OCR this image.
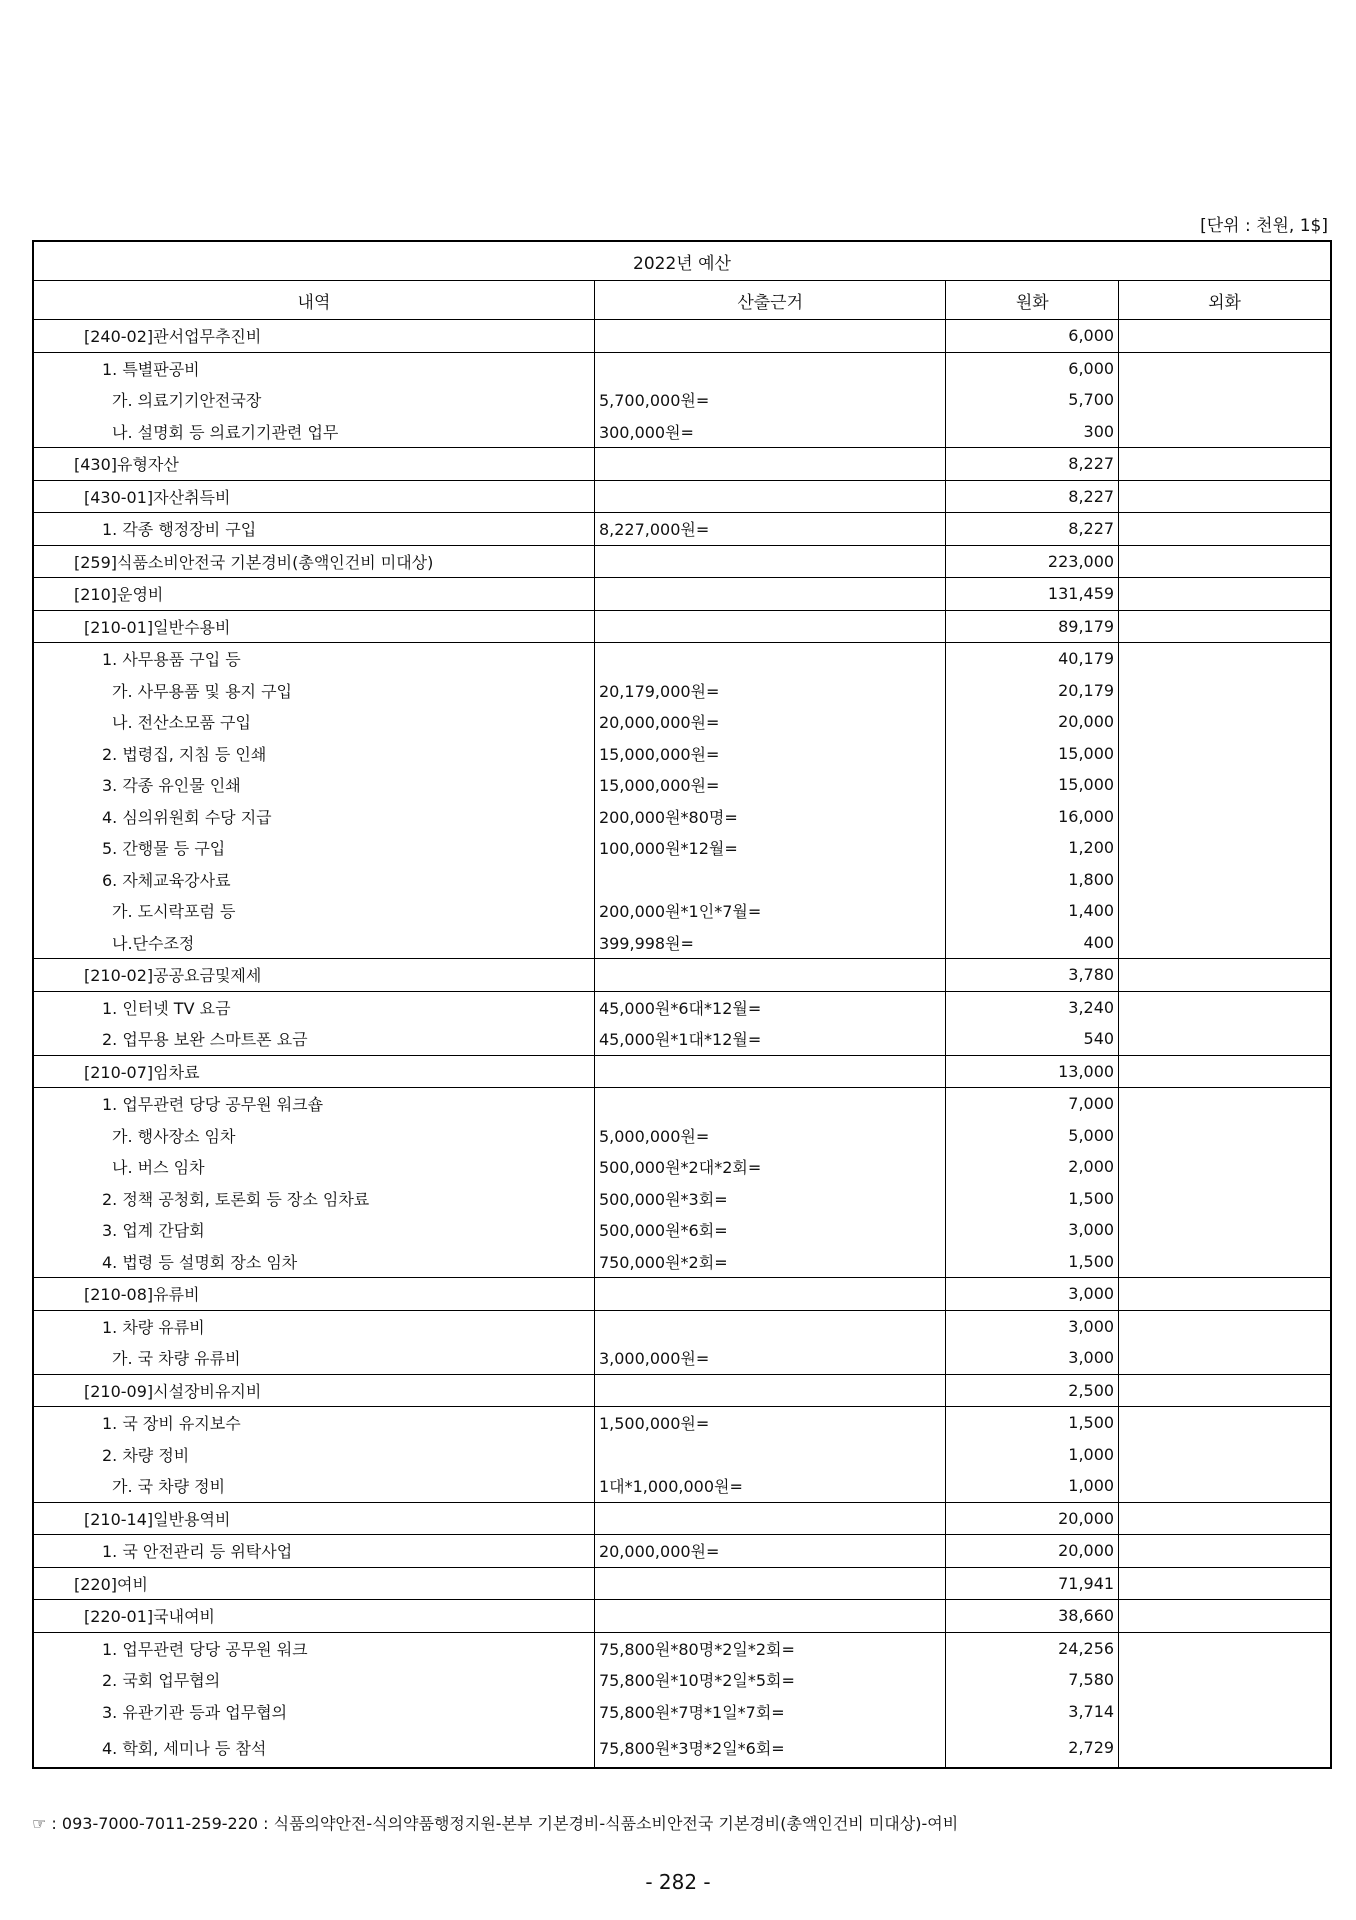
[단위 : 천원, 1$]
2022년 예산			
내역	산출근거	원화	외화
[240-02]관서업무추진비		6,000	
1. 특별판공비		6,000	
가. 의료기기안전국장	5,700,000원=	5,700	
나. 설명회 등 의료기기관련 업무	300,000원=	300	
[430]유형자산		8,227	
[430-01]자산취득비		8,227	
1. 각종 행정장비 구입	8,227,000원=	8,227	
[259]식품소비안전국 기본경비(총액인건비 미대상)		223,000	
[210]운영비		131,459	
[210-01]일반수용비		89,179	
1. 사무용품 구입 등		40,179	
가. 사무용품 및 용지 구입	20,179,000원=	20,179	
나. 전산소모품 구입	20,000,000원=	20,000	
2. 법령집, 지침 등 인쇄	15,000,000원=	15,000	
3. 각종 유인물 인쇄	15,000,000원=	15,000	
4. 심의위원회 수당 지급	200,000원*80명=	16,000	
5. 간행물 등 구입	100,000원*12월=	1,200	
6. 자체교육강사료		1,800	
가. 도시락포럼 등	200,000원*1인*7월=	1,400	
나.단수조정	399,998원=	400	
[210-02]공공요금및제세		3,780	
1. 인터넷 TV 요금	45,000원*6대*12월=	3,240	
2. 업무용 보완 스마트폰 요금	45,000원*1대*12월=	540	
[210-07]임차료		13,000	
1. 업무관련 당당 공무원 워크숍		7,000	
가. 행사장소 임차	5,000,000원=	5,000	
나. 버스 임차	500,000원*2대*2회=	2,000	
2. 정책 공청회, 토론회 등 장소 임차료	500,000원*3회=	1,500	
3. 업계 간담회	500,000원*6회=	3,000	
4. 법령 등 설명회 장소 임차	750,000원*2회=	1,500	
[210-08]유류비		3,000	
1. 차량 유류비		3,000	
가. 국 차량 유류비	3,000,000원=	3,000	
[210-09]시설장비유지비		2,500	
1. 국 장비 유지보수	1,500,000원=	1,500	
2. 차량 정비		1,000	
가. 국 차량 정비	1대*1,000,000원=	1,000	
[210-14]일반용역비		20,000	
1. 국 안전관리 등 위탁사업	20,000,000원=	20,000	
[220]여비		71,941	
[220-01]국내여비		38,660	
1. 업무관련 당당 공무원 워크	75,800원*80명*2일*2회=	24,256	
2. 국회 업무협의	75,800원*10명*2일*5회=	7,580	
3. 유관기관 등과 업무협의	75,800원*7명*1일*7회=	3,714	
4. 학회, 세미나 등 참석	75,800원*3명*2일*6회=	2,729	
☞ : 093-7000-7011-259-220 : 식품의약안전-식의약품행정지원-본부 기본경비-식품소비안전국 기본경비(총액인건비 미대상)-여비
- 282 -
